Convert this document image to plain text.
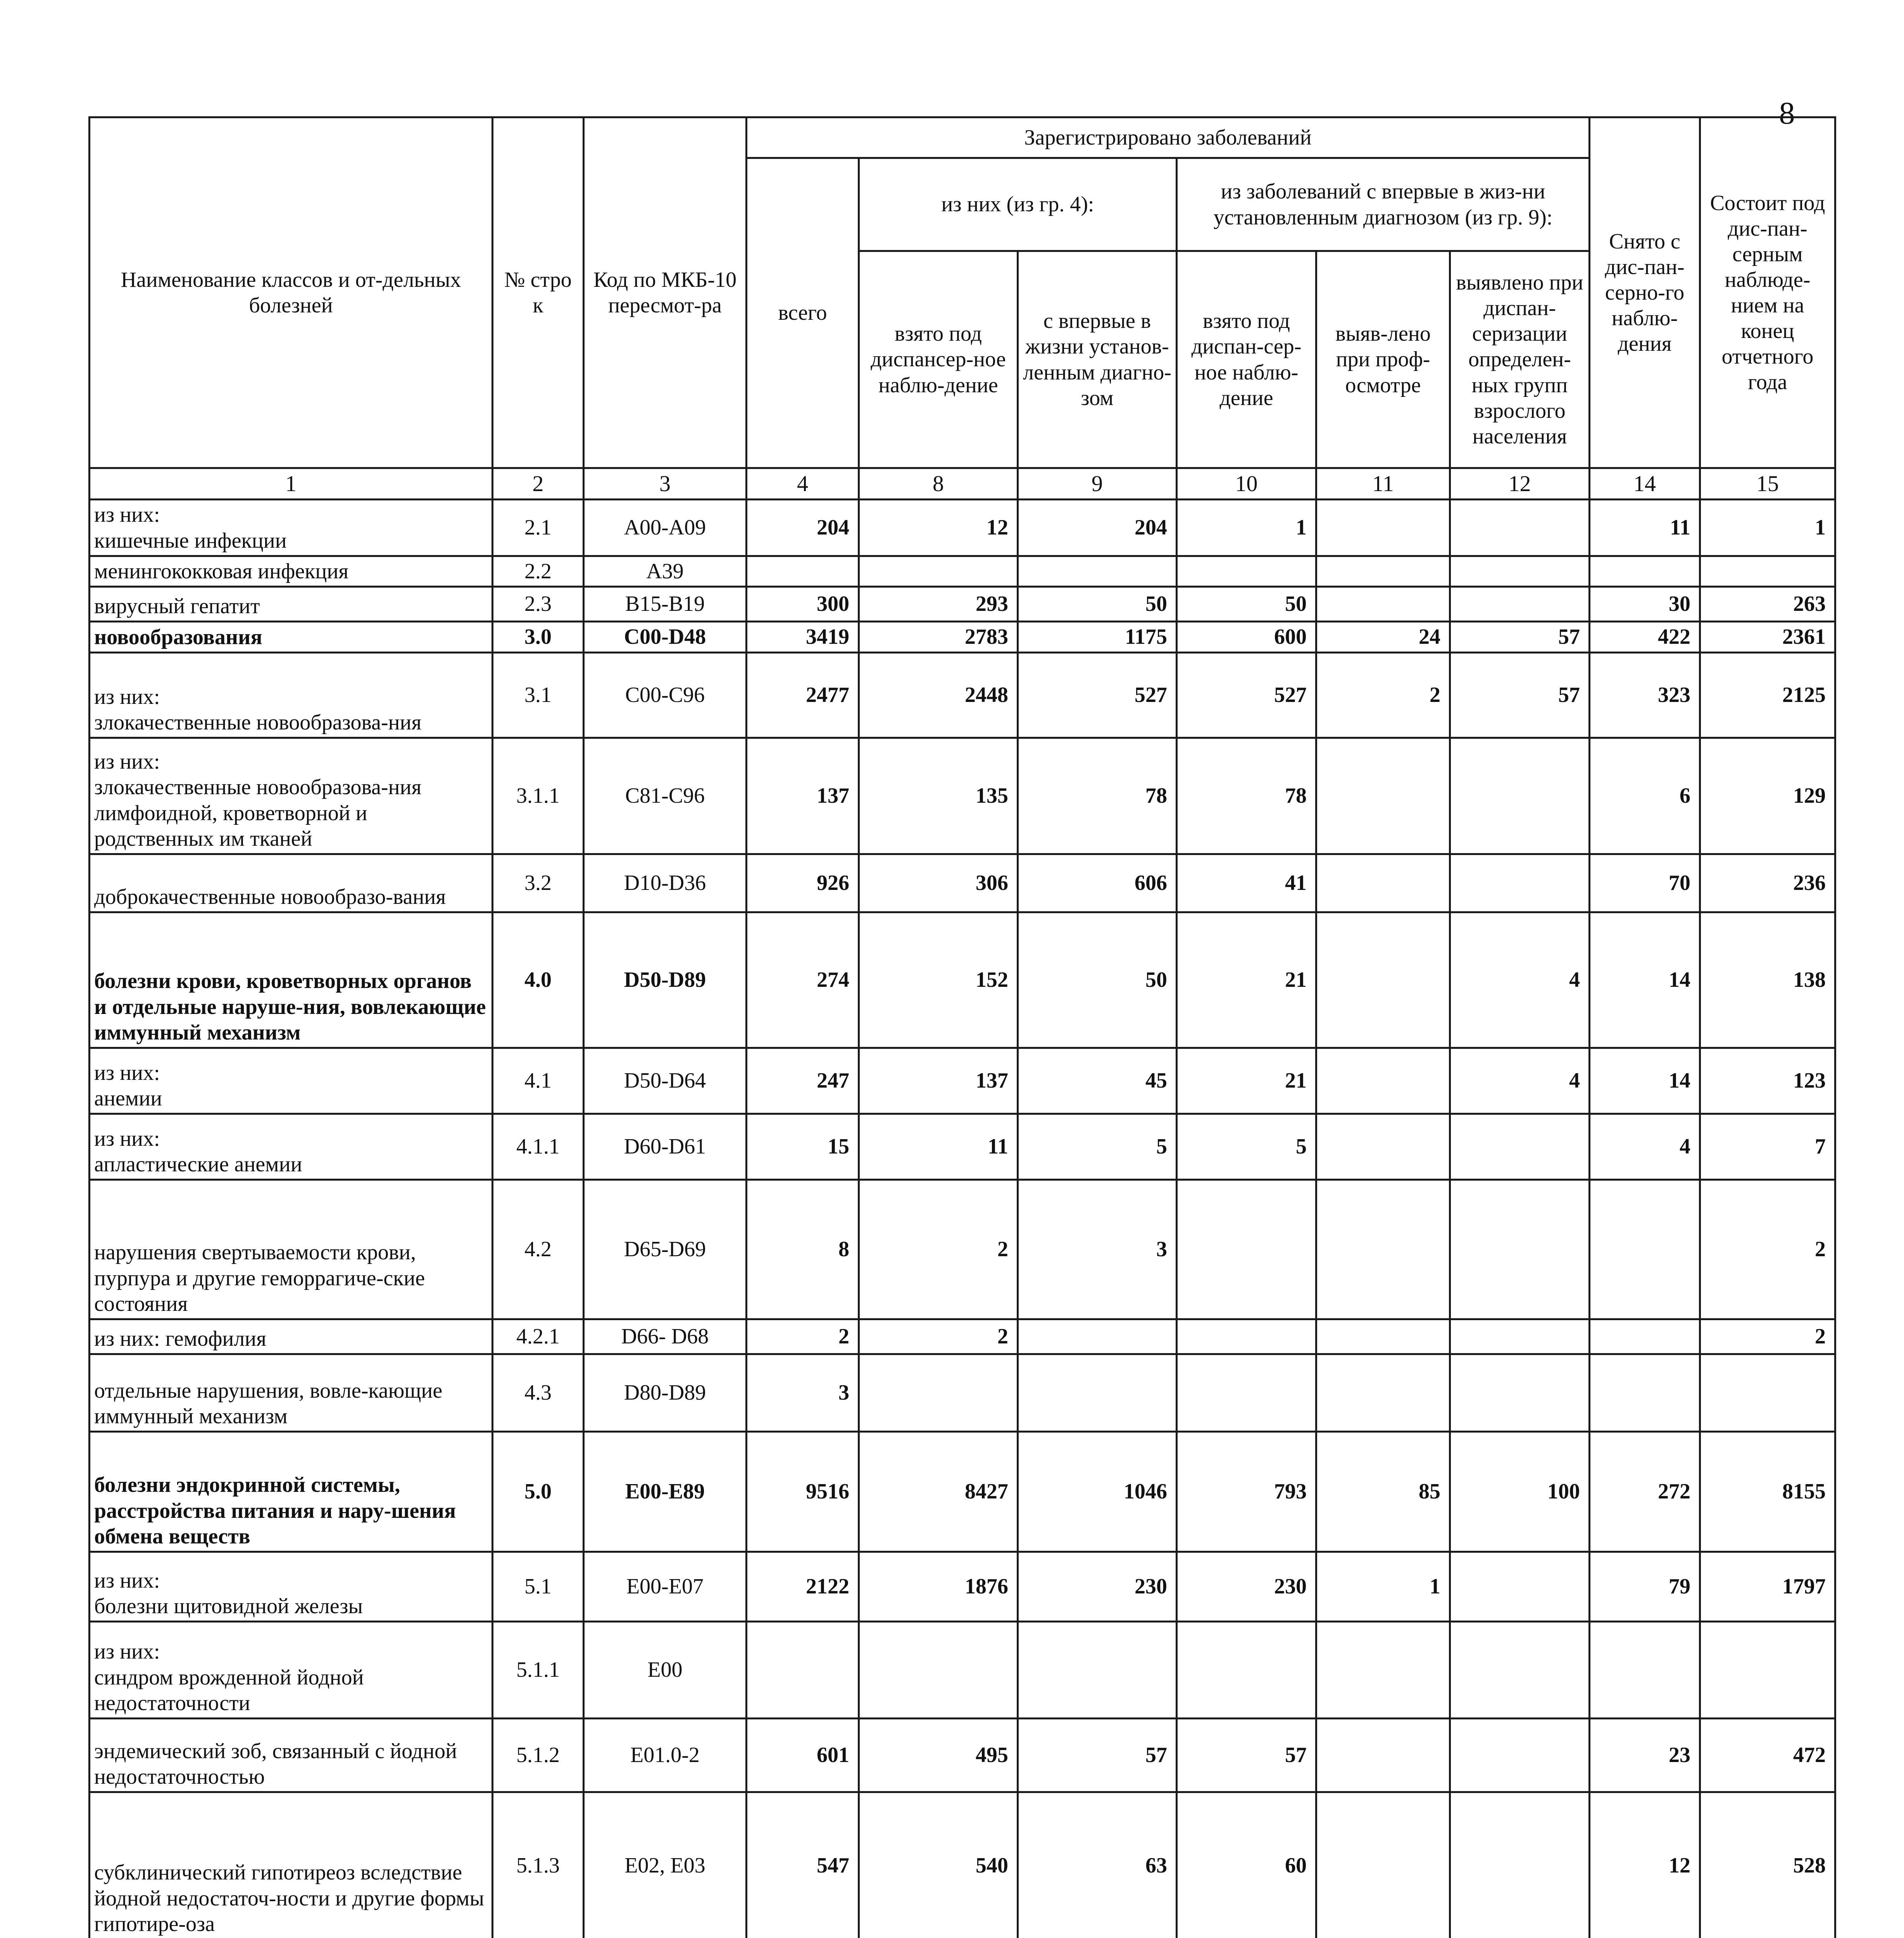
8
Наименование классов и от-дельных болезней	№ стро к	Код по МКБ-10 пересмот-ра	Зарегистрировано заболеваний						Снято с дис-пан-серно-го наблю-дения	Состоит под дис-пан-серным наблюде-нием на конец отчетного года
			всего	из них (из гр. 4):		из заболеваний с впервые в жиз-ни установленным диагнозом (из гр. 9):				
				взято под диспансер-ное наблю-дение	с впервые в жизни установ-ленным диагно-зом	взято под диспан-сер-ное наблю-дение	выяв-лено при проф-осмотре	выявлено при диспан-серизации определен-ных групп взрослого населения		
1	2	3	4	8	9	10	11	12	14	15

из них:
кишечные инфекции	2.1	A00-A09	204	12	204	1			11	1

менингококковая инфекция	2.2	A39								

вирусный гепатит	2.3	B15-B19	300	293	50	50			30	263

новообразования	3.0	C00-D48	3419	2783	1175	600	24	57	422	2361

из них:
злокачественные новообразова-ния	3.1	C00-C96	2477	2448	527	527	2	57	323	2125

из них:
злокачественные новообразова-ния лимфоидной, кроветворной и родственных им тканей	3.1.1	C81-C96	137	135	78	78			6	129

доброкачественные новообразо-вания	3.2	D10-D36	926	306	606	41			70	236

болезни крови, кроветворных органов и отдельные наруше-ния, вовлекающие иммунный механизм	4.0	D50-D89	274	152	50	21		4	14	138

из них:
анемии	4.1	D50-D64	247	137	45	21		4	14	123

из них:
апластические анемии	4.1.1	D60-D61	15	11	5	5			4	7

нарушения свертываемости крови, пурпура и другие геморрагиче-ские состояния	4.2	D65-D69	8	2	3					2

из них: гемофилия	4.2.1	D66- D68	2	2						2

отдельные нарушения, вовле-кающие иммунный механизм	4.3	D80-D89	3							

болезни эндокринной системы, расстройства питания и нару-шения обмена веществ	5.0	E00-E89	9516	8427	1046	793	85	100	272	8155

из них:
болезни щитовидной железы	5.1	E00-E07	2122	1876	230	230	1		79	1797

из них:
синдром врожденной йодной недостаточности	5.1.1	E00								

эндемический зоб, связанный с йодной недостаточностью	5.1.2	E01.0-2	601	495	57	57			23	472

субклинический гипотиреоз вследствие йодной недостаточ-ности и другие формы гипотире-оза	5.1.3	E02, E03	547	540	63	60			12	528
